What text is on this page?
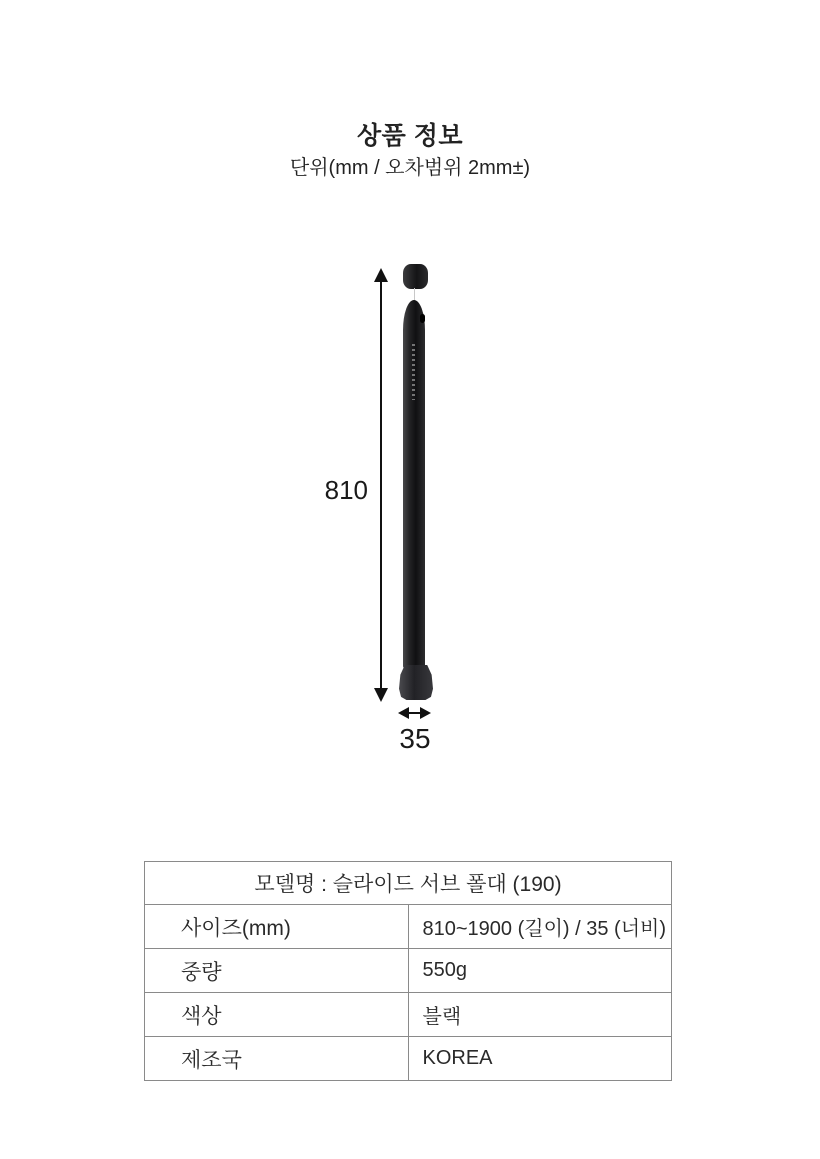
상품 정보
단위(mm / 오차범위 2mm±)
810
35
모델명 : 슬라이드 서브 폴대 (190)	
사이즈(mm)	810~1900 (길이) / 35 (너비)
중량	550g
색상	블랙
제조국	KOREA
